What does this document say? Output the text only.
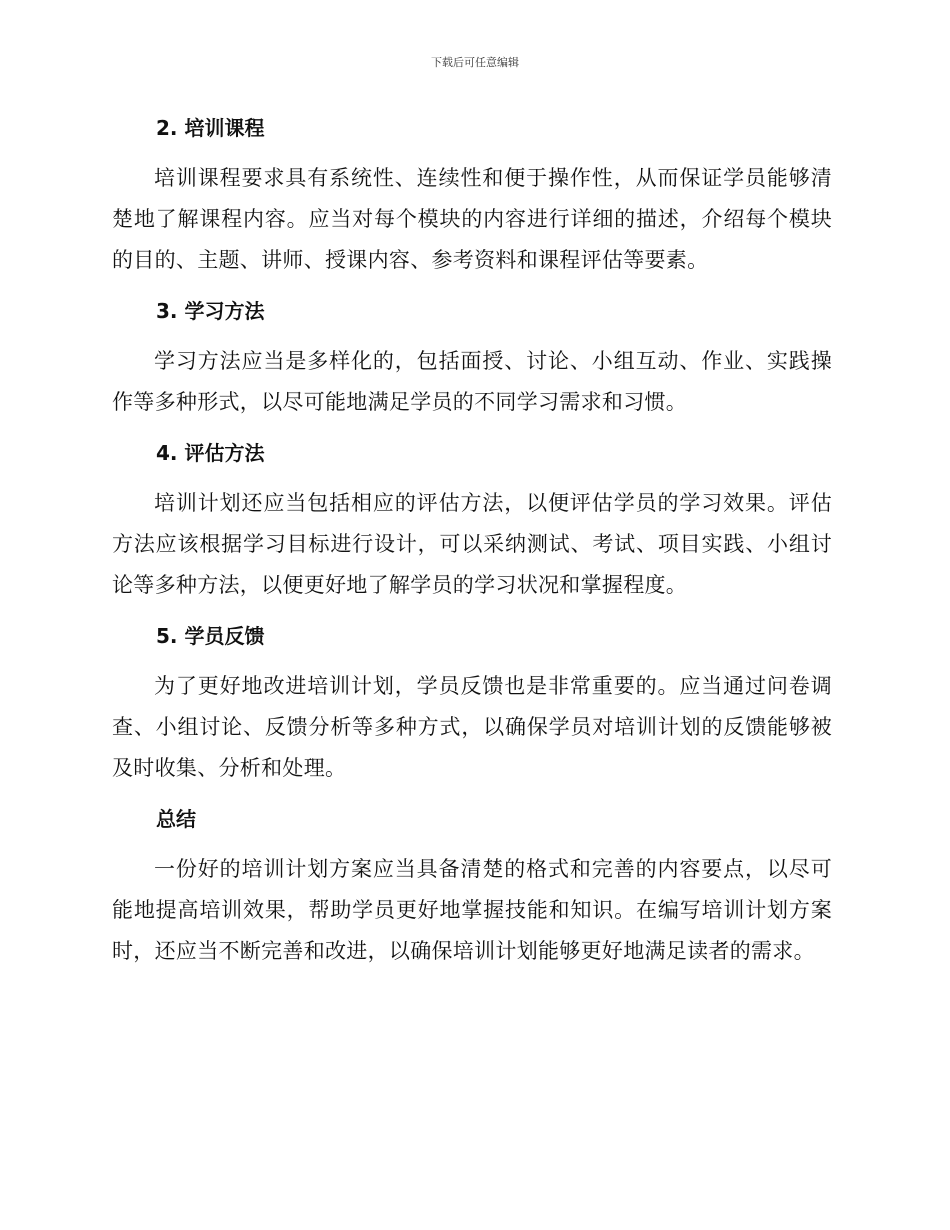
下载后可任意编辑
2. 培训课程

培训课程要求具有系统性、连续性和便于操作性，从而保证学员能够清楚地了解课程内容。应当对每个模块的内容进行详细的描述，介绍每个模块的目的、主题、讲师、授课内容、参考资料和课程评估等要素。

3. 学习方法

学习方法应当是多样化的，包括面授、讨论、小组互动、作业、实践操作等多种形式，以尽可能地满足学员的不同学习需求和习惯。

4. 评估方法

培训计划还应当包括相应的评估方法，以便评估学员的学习效果。评估方法应该根据学习目标进行设计，可以采纳测试、考试、项目实践、小组讨论等多种方法，以便更好地了解学员的学习状况和掌握程度。

5. 学员反馈

为了更好地改进培训计划，学员反馈也是非常重要的。应当通过问卷调查、小组讨论、反馈分析等多种方式，以确保学员对培训计划的反馈能够被及时收集、分析和处理。

总结

一份好的培训计划方案应当具备清楚的格式和完善的内容要点，以尽可能地提高培训效果，帮助学员更好地掌握技能和知识。在编写培训计划方案时，还应当不断完善和改进，以确保培训计划能够更好地满足读者的需求。
